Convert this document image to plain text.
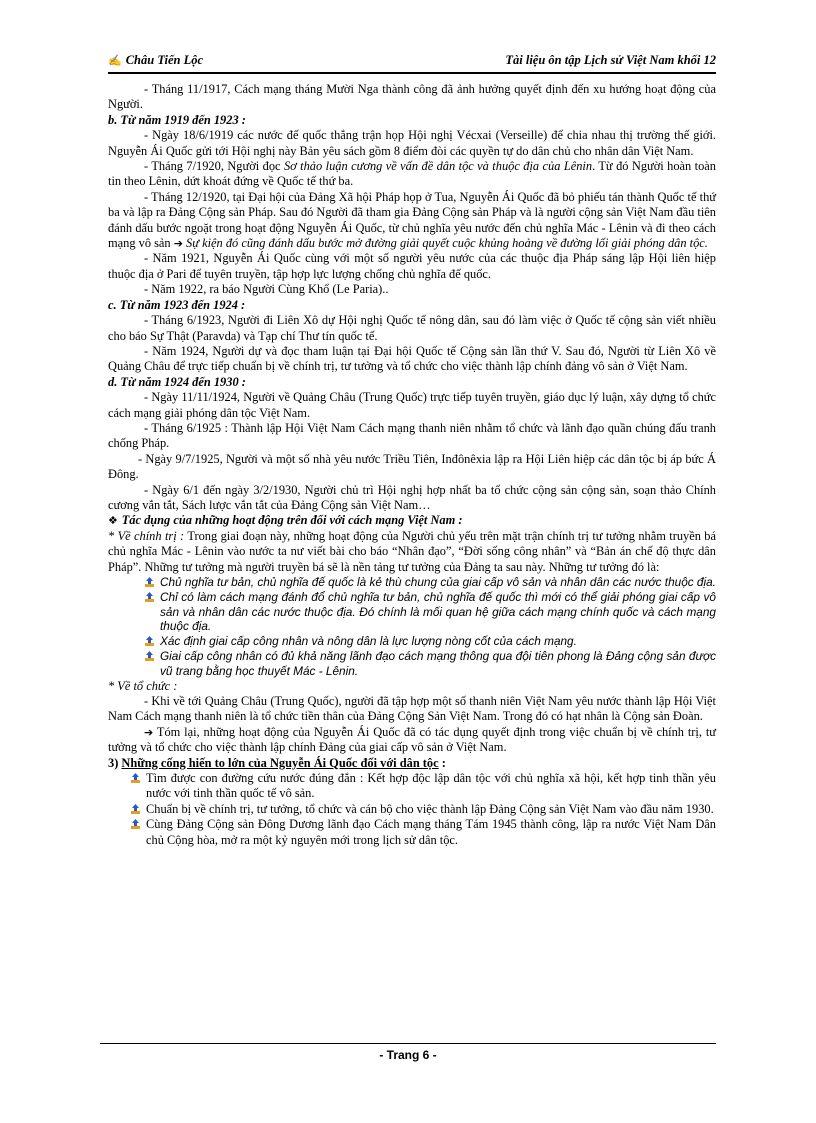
✍ Châu Tiến Lộc	Tài liệu ôn tập Lịch sử Việt Nam khối 12

- Tháng 11/1917, Cách mạng tháng Mười Nga thành công đã ảnh hưởng quyết định đến xu hướng hoạt động của Người.

b. Từ năm 1919 đến 1923 :

- Ngày 18/6/1919 các nước đế quốc thắng trận họp Hội nghị Vécxai (Verseille) để chia nhau thị trường thế giới. Nguyễn Ái Quốc gửi tới Hội nghị này Bản yêu sách gồm 8 điểm đòi các quyền tự do dân chủ cho nhân dân Việt Nam.

- Tháng 7/1920, Người đọc Sơ thảo luận cương về vấn đề dân tộc và thuộc địa của Lênin. Từ đó Người hoàn toàn tin theo Lênin, dứt khoát đứng về Quốc tế thứ ba.

- Tháng 12/1920, tại Đại hội của Đảng Xã hội Pháp họp ở Tua, Nguyễn Ái Quốc đã bỏ phiếu tán thành Quốc tế thứ ba và lập ra Đảng Cộng sản Pháp. Sau đó Người đã tham gia Đảng Cộng sản Pháp và là người cộng sản Việt Nam đầu tiên đánh dấu bước ngoặt trong hoạt động Nguyễn Ái Quốc, từ chủ nghĩa yêu nước đến chủ nghĩa Mác - Lênin và đi theo cách mạng vô sản ➔ Sự kiện đó cũng đánh dấu bước mở đường giải quyết cuộc khủng hoảng về đường lối giải phóng dân tộc.

- Năm 1921, Nguyễn Ái Quốc cùng với một số người yêu nước của các thuộc địa Pháp sáng lập Hội liên hiệp thuộc địa ở Pari để tuyên truyền, tập hợp lực lượng chống chủ nghĩa đế quốc.

- Năm 1922, ra báo Người Cùng Khổ (Le Paria)..

c. Từ năm 1923 đến 1924 :

- Tháng 6/1923, Người đi Liên Xô dự Hội nghị Quốc tế nông dân, sau đó làm việc ở Quốc tế cộng sản viết nhiều cho báo Sự Thật (Paravda) và Tạp chí Thư tín quốc tế.

- Năm 1924, Người dự và đọc tham luận tại Đại hội Quốc tế Cộng sản lần thứ V. Sau đó, Người từ Liên Xô về Quảng Châu để trực tiếp chuẩn bị về chính trị, tư tưởng và tổ chức cho việc thành lập chính đảng vô sản ở Việt Nam.

d. Từ năm 1924 đến 1930 :

- Ngày 11/11/1924, Người về Quảng Châu (Trung Quốc) trực tiếp tuyên truyền, giáo dục lý luận, xây dựng tổ chức cách mạng giải phóng dân tộc Việt Nam.

- Tháng 6/1925 : Thành lập Hội Việt Nam Cách mạng thanh niên nhằm tổ chức và lãnh đạo quần chúng đấu tranh chống Pháp.

- Ngày 9/7/1925, Người và một số nhà yêu nước Triều Tiên, Inđônêxia lập ra Hội Liên hiệp các dân tộc bị áp bức Á Đông.

- Ngày 6/1 đến ngày 3/2/1930, Người chủ trì Hội nghị hợp nhất ba tổ chức cộng sản cộng sản, soạn thảo Chính cương vắn tắt, Sách lược vắn tắt của Đảng Cộng sản Việt Nam…

❖ Tác dụng của những hoạt động trên đối với cách mạng Việt Nam :

* Về chính trị : Trong giai đoạn này, những hoạt động của Người chủ yếu trên mặt trận chính trị tư tưởng nhằm truyền bá chủ nghĩa Mác - Lênin vào nước ta nư viết bài cho báo “Nhân đạo”, “Đời sống công nhân” và “Bản án chế độ thực dân Pháp”. Những tư tưởng mà người truyền bá sẽ là nền tảng tư tưởng của Đảng ta sau này. Những tư tưởng đó là:

Chủ nghĩa tư bản, chủ nghĩa đế quốc là kẻ thù chung của giai cấp vô sản và nhân dân các nước thuộc địa.
Chỉ có làm cách mạng đánh đổ chủ nghĩa tư bản, chủ nghĩa đế quốc thì mới có thể giải phóng giai cấp vô sản và nhân dân các nước thuộc địa. Đó chính là mối quan hệ giữa cách mạng chính quốc và cách mạng thuộc địa.
Xác định giai cấp công nhân và nông dân là lực lượng nòng cốt của cách mạng.
Giai cấp công nhân có đủ khả năng lãnh đạo cách mạng thông qua đội tiên phong là Đảng cộng sản được vũ trang bằng học thuyết Mác - Lênin.

* Về tổ chức :

- Khi về tới Quảng Châu (Trung Quốc), người đã tập hợp một số thanh niên Việt Nam yêu nước thành lập Hội Việt Nam Cách mạng thanh niên là tổ chức tiền thân của Đảng Cộng Sản Việt Nam. Trong đó có hạt nhân là Cộng sản Đoàn.

➔ Tóm lại, những hoạt động của Nguyễn Ái Quốc đã có tác dụng quyết định trong việc chuẩn bị về chính trị, tư tưởng và tổ chức cho việc thành lập chính Đảng của giai cấp vô sản ở Việt Nam.

3) Những cống hiến to lớn của Nguyễn Ái Quốc đối với dân tộc :

Tìm được con đường cứu nước đúng đắn : Kết hợp độc lập dân tộc với chủ nghĩa xã hội, kết hợp tinh thần yêu nước với tinh thần quốc tế vô sản.
Chuẩn bị về chính trị, tư tưởng, tổ chức và cán bộ cho việc thành lập Đảng Cộng sản Việt Nam vào đầu năm 1930.
Cùng Đảng Cộng sản Đông Dương lãnh đạo Cách mạng tháng Tám 1945 thành công, lập ra nước Việt Nam Dân chủ Cộng hòa, mở ra một kỷ nguyên mới trong lịch sử dân tộc.
- Trang 6 -
